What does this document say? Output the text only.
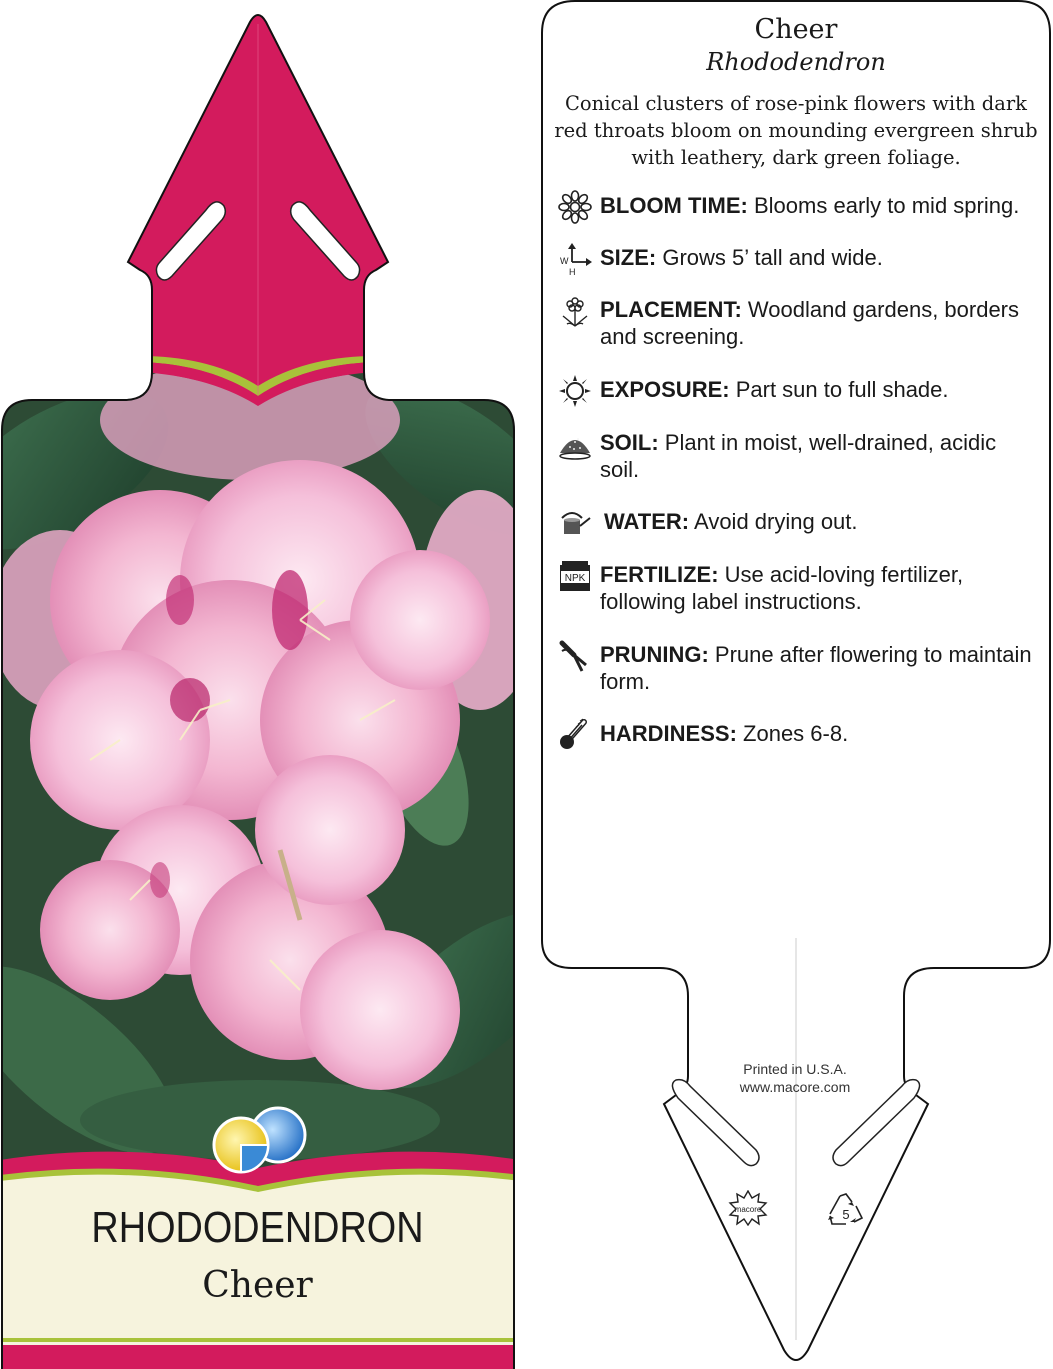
RHODODENDRON
Cheer
Cheer
Rhododendron
Conical clusters of rose-pink flowers with dark red throats bloom on mounding evergreen shrub with leathery, dark green foliage.
BLOOM TIME: Blooms early to mid spring.
W
H
SIZE: Grows 5’ tall and wide.
PLACEMENT: Woodland gardens, borders and screening.
EXPOSURE: Part sun to full shade.
SOIL: Plant in moist, well-drained, acidic soil.
WATER: Avoid drying out.
NPK FERTILIZE: Use acid-loving fertilizer, following label instructions.
PRUNING: Prune after flowering to maintain form.
HARDINESS: Zones 6-8.
Printed in U.S.A.
www.macore.com
macore	5
